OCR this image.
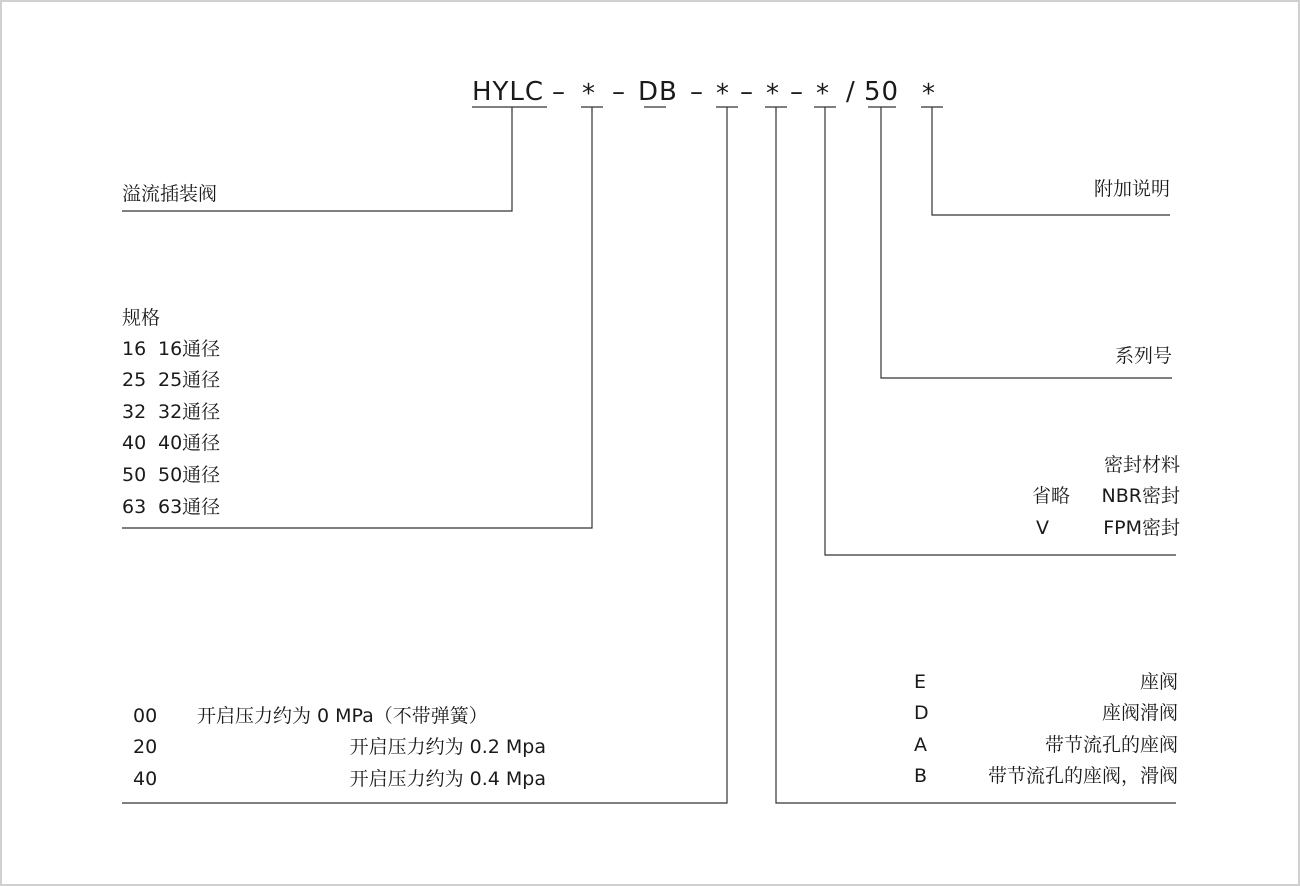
HYLC – * – DB – * – * – * / 50 *
溢流插装阀	附加说明
规格
16 16通径
25 25通径
32 32通径
40 40通径
50 50通径
63 63通径
系列号
密封材料
省略 NBR密封
V	FPM密封
00 开启压力约为 0 MPa（不带弹簧）
20	开启压力约为 0.2 Mpa
40	开启压力约为 0.4 Mpa
E	座阀
D	座阀滑阀
A	带节流孔的座阀
B	带节流孔的座阀，滑阀
